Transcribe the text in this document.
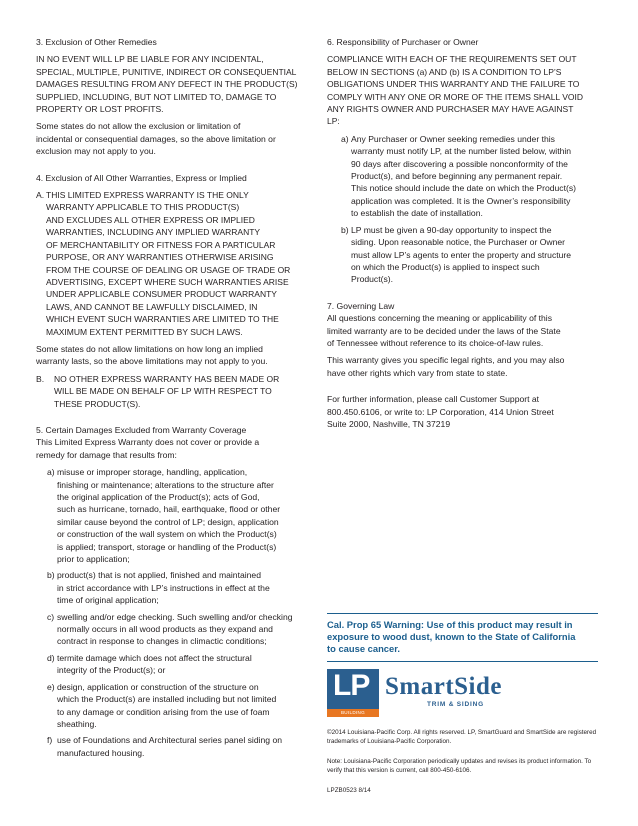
3. Exclusion of Other Remedies

IN NO EVENT WILL LP BE LIABLE FOR ANY INCIDENTAL,

SPECIAL, MULTIPLE, PUNITIVE, INDIRECT OR CONSEQUENTIAL

DAMAGES RESULTING FROM ANY DEFECT IN THE PRODUCT(S)

SUPPLIED, INCLUDING, BUT NOT LIMITED TO, DAMAGE TO

PROPERTY OR LOST PROFITS.

Some states do not allow the exclusion or limitation of

incidental or consequential damages, so the above limitation or

exclusion may not apply to you.

4. Exclusion of All Other Warranties, Express or Implied

A. THIS LIMITED EXPRESS WARRANTY IS THE ONLY

WARRANTY APPLICABLE TO THIS PRODUCT(S)

AND EXCLUDES ALL OTHER EXPRESS OR IMPLIED

WARRANTIES, INCLUDING ANY IMPLIED WARRANTY

OF MERCHANTABILITY OR FITNESS FOR A PARTICULAR

PURPOSE, OR ANY WARRANTIES OTHERWISE ARISING

FROM THE COURSE OF DEALING OR USAGE OF TRADE OR

ADVERTISING, EXCEPT WHERE SUCH WARRANTIES ARISE

UNDER APPLICABLE CONSUMER PRODUCT WARRANTY

LAWS, AND CANNOT BE LAWFULLY DISCLAIMED, IN

WHICH EVENT SUCH WARRANTIES ARE LIMITED TO THE

MAXIMUM EXTENT PERMITTED BY SUCH LAWS.

Some states do not allow limitations on how long an implied

warranty lasts, so the above limitations may not apply to you.

B.	NO OTHER EXPRESS WARRANTY HAS BEEN MADE OR

WILL BE MADE ON BEHALF OF LP WITH RESPECT TO

THESE PRODUCT(S).

5. Certain Damages Excluded from Warranty Coverage

This Limited Express Warranty does not cover or provide a

remedy for damage that results from:

a) misuse or improper storage, handling, application,

finishing or maintenance; alterations to the structure after

the original application of the Product(s); acts of God,

such as hurricane, tornado, hail, earthquake, flood or other

similar cause beyond the control of LP; design, application

or construction of the wall system on which the Product(s)

is applied; transport, storage or handling of the Product(s)

prior to application;

b) product(s) that is not applied, finished and maintained

in strict accordance with LP’s instructions in effect at the

time of original application;

c) swelling and/or edge checking. Such swelling and/or checking

normally occurs in all wood products as they expand and

contract in response to changes in climactic conditions;

d) termite damage which does not affect the structural

integrity of the Product(s); or

e) design, application or construction of the structure on

which the Product(s) are installed including but not limited

to any damage or condition arising from the use of foam

sheathing.

f) use of Foundations and Architectural series panel siding on

manufactured housing.

6. Responsibility of Purchaser or Owner

COMPLIANCE WITH EACH OF THE REQUIREMENTS SET OUT

BELOW IN SECTIONS (a) AND (b) IS A CONDITION TO LP’S

OBLIGATIONS UNDER THIS WARRANTY AND THE FAILURE TO

COMPLY WITH ANY ONE OR MORE OF THE ITEMS SHALL VOID

ANY RIGHTS OWNER AND PURCHASER MAY HAVE AGAINST

LP:

a) Any Purchaser or Owner seeking remedies under this

warranty must notify LP, at the number listed below, within

90 days after discovering a possible nonconformity of the

Product(s), and before beginning any permanent repair.

This notice should include the date on which the Product(s)

application was completed. It is the Owner’s responsibility

to establish the date of installation.

b) LP must be given a 90-day opportunity to inspect the

siding. Upon reasonable notice, the Purchaser or Owner

must allow LP’s agents to enter the property and structure

on which the Product(s) is applied to inspect such

Product(s).

7. Governing Law

All questions concerning the meaning or applicability of this

limited warranty are to be decided under the laws of the State

of Tennessee without reference to its choice-of-law rules.

This warranty gives you specific legal rights, and you may also

have other rights which vary from state to state.

For further information, please call Customer Support at

800.450.6106, or write to: LP Corporation, 414 Union Street

Suite 2000, Nashville, TN 37219

Cal. Prop 65 Warning: Use of this product may result in

exposure to wood dust, known to the State of California

to cause cancer.

LP
BUILDING PRODUCTS
SmartSide
TRIM & SIDING

©2014 Louisiana-Pacific Corp. All rights reserved. LP, SmartGuard and SmartSide are registered

trademarks of Louisiana-Pacific Corporation.

Note: Louisiana-Pacific Corporation periodically updates and revises its product information. To

verify that this version is current, call 800-450-6106.

LPZB0523 8/14
